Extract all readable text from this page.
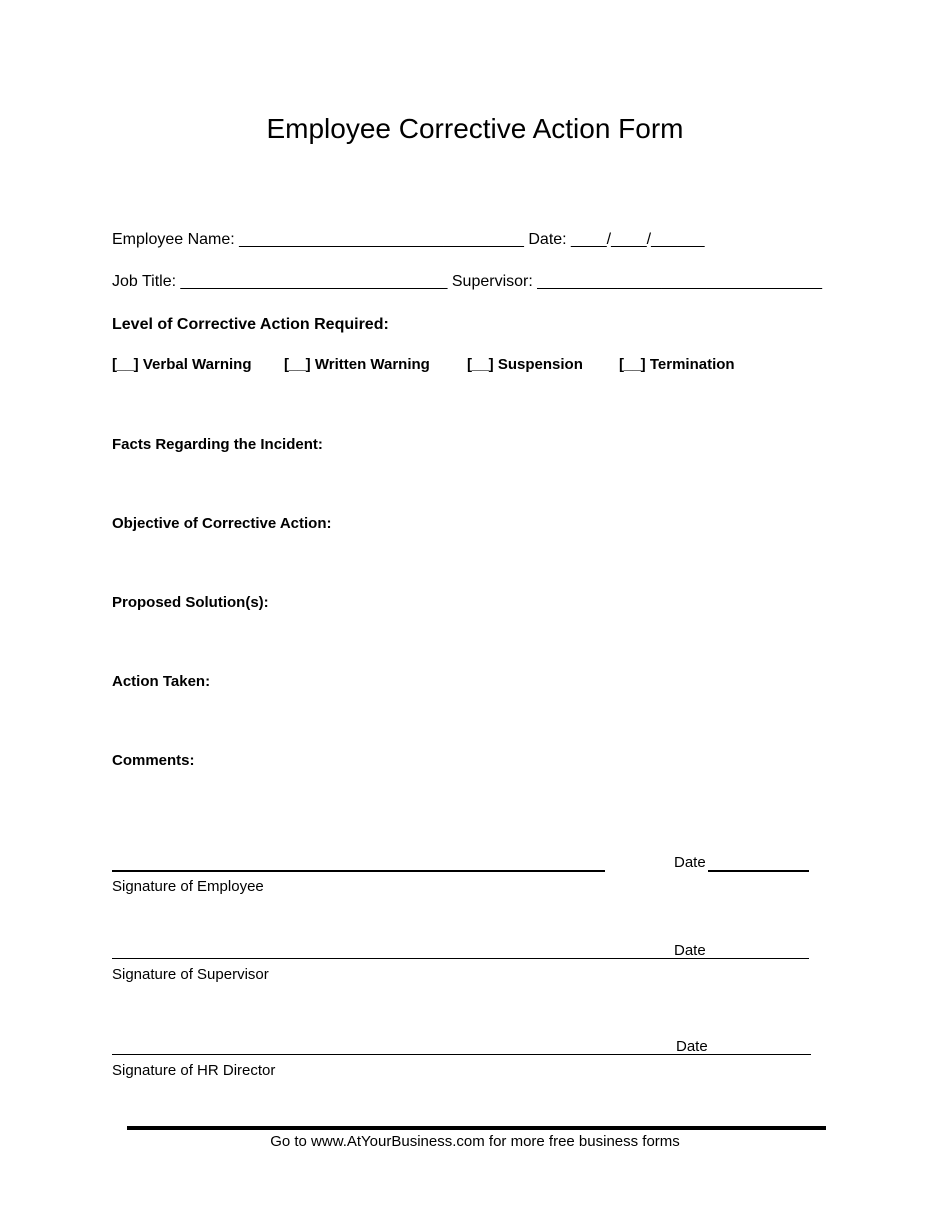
Employee Corrective Action Form
Employee Name: ________________________________ Date: ____/____/______
Job Title: ______________________________ Supervisor: ________________________________
Level of Corrective Action Required:
[__] Verbal Warning [__] Written Warning [__] Suspension [__] Termination
Facts Regarding the Incident:
Objective of Corrective Action:
Proposed Solution(s):
Action Taken:
Comments:
Date
Signature of Employee
Date
Signature of Supervisor
Date
Signature of HR Director
Go to www.AtYourBusiness.com for more free business forms
